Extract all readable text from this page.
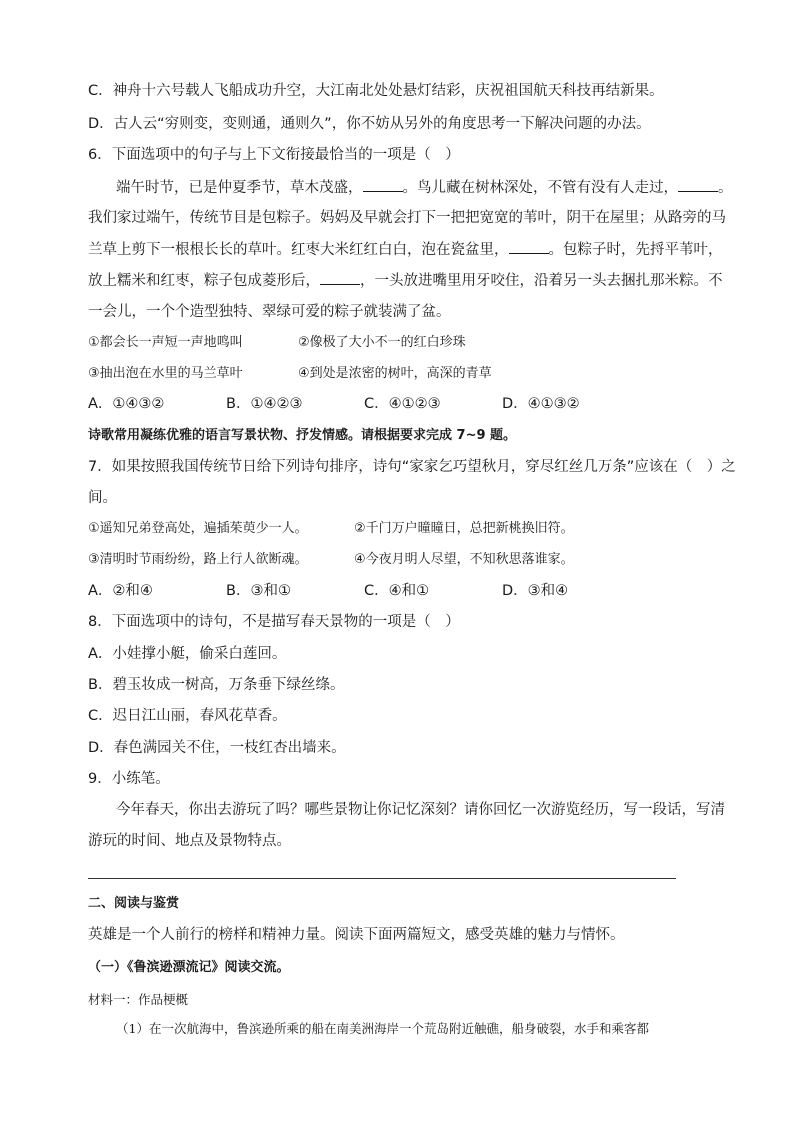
C．神舟十六号载人飞船成功升空，大江南北处处悬灯结彩，庆祝祖国航天科技再结新果。
D．古人云“穷则变，变则通，通则久”，你不妨从另外的角度思考一下解决问题的办法。
6．下面选项中的句子与上下文衔接最恰当的一项是（　）
端午时节，已是仲夏季节，草木茂盛，	。鸟儿藏在树林深处，不管有没有人走过，	。
我们家过端午，传统节目是包粽子。妈妈及早就会打下一把把宽宽的苇叶，阴干在屋里；从路旁的马
兰草上剪下一根根长长的草叶。红枣大米红红白白，泡在瓷盆里，	。包粽子时，先捋平苇叶，
放上糯米和红枣，粽子包成菱形后，	，一头放进嘴里用牙咬住，沿着另一头去捆扎那米粽。不
一会儿，一个个造型独特、翠绿可爱的粽子就装满了盆。
①都会长一声短一声地鸣叫	②像极了大小不一的红白珍珠
③抽出泡在水里的马兰草叶	④到处是浓密的树叶，高深的青草
A．①④③②	B．①④②③	C．④①②③	D．④①③②
诗歌常用凝练优雅的语言写景状物、抒发情感。请根据要求完成 7~9 题。
7．如果按照我国传统节日给下列诗句排序，诗句“家家乞巧望秋月，穿尽红丝几万条”应该在（　）之
间。
①遥知兄弟登高处，遍插茱萸少一人。	②千门万户曈曈日，总把新桃换旧符。
③清明时节雨纷纷，路上行人欲断魂。	④今夜月明人尽望，不知秋思落谁家。
A．②和④	B．③和①	C．④和①	D．③和④
8．下面选项中的诗句，不是描写春天景物的一项是（　）
A．小娃撑小艇，偷采白莲回。
B．碧玉妆成一树高，万条垂下绿丝绦。
C．迟日江山丽，春风花草香。
D．春色满园关不住，一枝红杏出墙来。
9．小练笔。
今年春天，你出去游玩了吗？哪些景物让你记忆深刻？请你回忆一次游览经历，写一段话，写清
游玩的时间、地点及景物特点。
二、阅读与鉴赏
英雄是一个人前行的榜样和精神力量。阅读下面两篇短文，感受英雄的魅力与情怀。
（一）《鲁滨逊漂流记》阅读交流。
材料一：作品梗概
（1）在一次航海中，鲁滨逊所乘的船在南美洲海岸一个荒岛附近触礁，船身破裂，水手和乘客都
